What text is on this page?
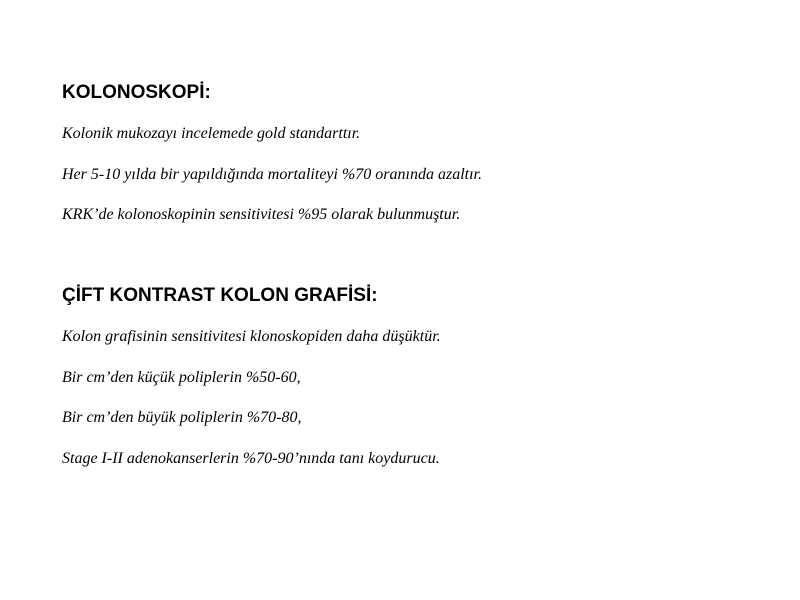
KOLONOSKOPİ:

Kolonik mukozayı incelemede gold standarttır.

Her 5-10 yılda bir yapıldığında mortaliteyi %70 oranında azaltır.

KRK’de kolonoskopinin sensitivitesi %95 olarak bulunmuştur.

ÇİFT KONTRAST KOLON GRAFİSİ:

Kolon grafisinin sensitivitesi klonoskopiden daha düşüktür.

Bir cm’den küçük poliplerin %50-60,

Bir cm’den büyük poliplerin %70-80,

Stage I-II adenokanserlerin %70-90’nında tanı koydurucu.
